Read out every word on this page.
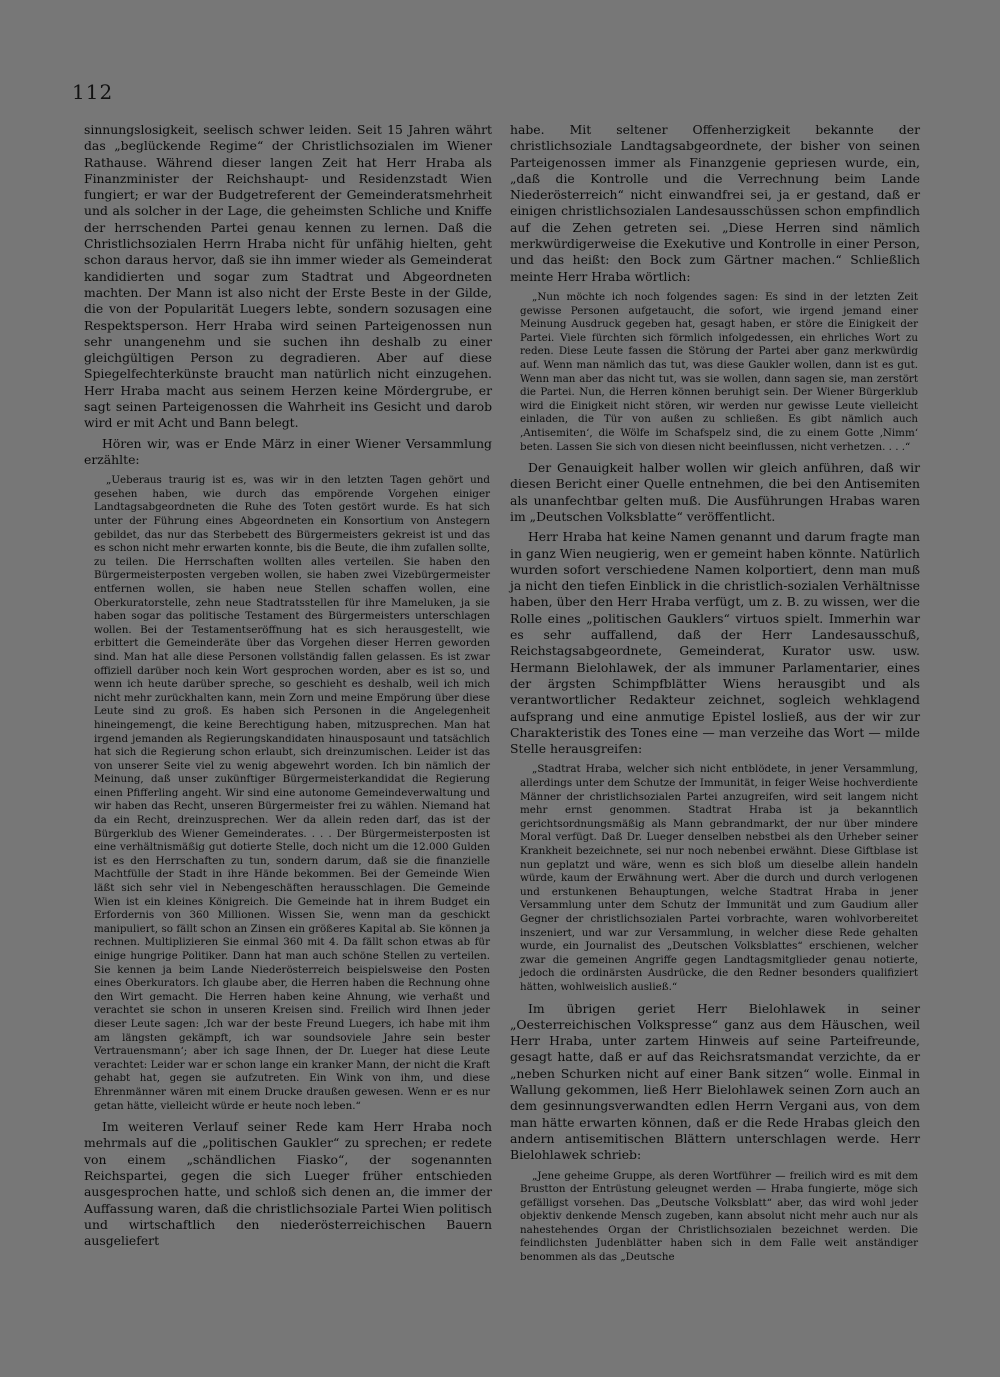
112

sinnungslosigkeit, seelisch schwer leiden. Seit 15 Jahren währt das „beglückende Regime“ der Christlichsozialen im Wiener Rathause. Während dieser langen Zeit hat Herr Hraba als Finanzminister der Reichshaupt- und Residenzstadt Wien fungiert; er war der Budgetreferent der Gemeinderatsmehrheit und als solcher in der Lage, die geheimsten Schliche und Kniffe der herrschenden Partei genau kennen zu lernen. Daß die Christlichsozialen Herrn Hraba nicht für unfähig hielten, geht schon daraus hervor, daß sie ihn immer wieder als Gemeinderat kandidierten und sogar zum Stadtrat und Abgeordneten machten. Der Mann ist also nicht der Erste Beste in der Gilde, die von der Popularität Luegers lebte, sondern sozusagen eine Respektsperson. Herr Hraba wird seinen Parteigenossen nun sehr unangenehm und sie suchen ihn deshalb zu einer gleichgültigen Person zu degradieren. Aber auf diese Spiegelfechterkünste braucht man natürlich nicht einzugehen. Herr Hraba macht aus seinem Herzen keine Mördergrube, er sagt seinen Parteigenossen die Wahrheit ins Gesicht und darob wird er mit Acht und Bann belegt.

Hören wir, was er Ende März in einer Wiener Versammlung erzählte:

„Ueberaus traurig ist es, was wir in den letzten Tagen gehört und gesehen haben, wie durch das empörende Vorgehen einiger Landtagsabgeordneten die Ruhe des Toten gestört wurde. Es hat sich unter der Führung eines Abgeordneten ein Konsortium von Anstegern gebildet, das nur das Sterbebett des Bürgermeisters gekreist ist und das es schon nicht mehr erwarten konnte, bis die Beute, die ihm zufallen sollte, zu teilen. Die Herrschaften wollten alles verteilen. Sie haben den Bürgermeisterposten vergeben wollen, sie haben zwei Vizebürgermeister entfernen wollen, sie haben neue Stellen schaffen wollen, eine Oberkuratorstelle, zehn neue Stadtratsstellen für ihre Mameluken, ja sie haben sogar das politische Testament des Bürgermeisters unterschlagen wollen. Bei der Testamentseröffnung hat es sich herausgestellt, wie erbittert die Gemeinderäte über das Vorgehen dieser Herren geworden sind. Man hat alle diese Personen vollständig fallen gelassen. Es ist zwar offiziell darüber noch kein Wort gesprochen worden, aber es ist so, und wenn ich heute darüber spreche, so geschieht es deshalb, weil ich mich nicht mehr zurückhalten kann, mein Zorn und meine Empörung über diese Leute sind zu groß. Es haben sich Personen in die Angelegenheit hineingemengt, die keine Berechtigung haben, mitzusprechen. Man hat irgend jemanden als Regierungskandidaten hinausposaunt und tatsächlich hat sich die Regierung schon erlaubt, sich dreinzumischen. Leider ist das von unserer Seite viel zu wenig abgewehrt worden. Ich bin nämlich der Meinung, daß unser zukünftiger Bürgermeisterkandidat die Regierung einen Pfifferling angeht. Wir sind eine autonome Gemeindeverwaltung und wir haben das Recht, unseren Bürgermeister frei zu wählen. Niemand hat da ein Recht, dreinzusprechen. Wer da allein reden darf, das ist der Bürgerklub des Wiener Gemeinderates. . . . Der Bürgermeisterposten ist eine verhältnismäßig gut dotierte Stelle, doch nicht um die 12.000 Gulden ist es den Herrschaften zu tun, sondern darum, daß sie die finanzielle Machtfülle der Stadt in ihre Hände bekommen. Bei der Gemeinde Wien läßt sich sehr viel in Nebengeschäften herausschlagen. Die Gemeinde Wien ist ein kleines Königreich. Die Gemeinde hat in ihrem Budget ein Erfordernis von 360 Millionen. Wissen Sie, wenn man da geschickt manipuliert, so fällt schon an Zinsen ein größeres Kapital ab. Sie können ja rechnen. Multiplizieren Sie einmal 360 mit 4. Da fällt schon etwas ab für einige hungrige Politiker. Dann hat man auch schöne Stellen zu verteilen. Sie kennen ja beim Lande Niederösterreich beispielsweise den Posten eines Oberkurators. Ich glaube aber, die Herren haben die Rechnung ohne den Wirt gemacht. Die Herren haben keine Ahnung, wie verhaßt und verachtet sie schon in unseren Kreisen sind. Freilich wird Ihnen jeder dieser Leute sagen: ‚Ich war der beste Freund Luegers, ich habe mit ihm am längsten gekämpft, ich war soundsoviele Jahre sein bester Vertrauensmann‘; aber ich sage Ihnen, der Dr. Lueger hat diese Leute verachtet: Leider war er schon lange ein kranker Mann, der nicht die Kraft gehabt hat, gegen sie aufzutreten. Ein Wink von ihm, und diese Ehrenmänner wären mit einem Drucke draußen gewesen. Wenn er es nur getan hätte, vielleicht würde er heute noch leben.“

Im weiteren Verlauf seiner Rede kam Herr Hraba noch mehrmals auf die „politischen Gaukler“ zu sprechen; er redete von einem „schändlichen Fiasko“, der sogenannten Reichspartei, gegen die sich Lueger früher entschieden ausgesprochen hatte, und schloß sich denen an, die immer der Auffassung waren, daß die christlichsoziale Partei Wien politisch und wirtschaftlich den niederösterreichischen Bauern ausgeliefert

habe. Mit seltener Offenherzigkeit bekannte der christlichsoziale Landtagsabgeordnete, der bisher von seinen Parteigenossen immer als Finanzgenie gepriesen wurde, ein, „daß die Kontrolle und die Verrechnung beim Lande Niederösterreich“ nicht einwandfrei sei, ja er gestand, daß er einigen christlichsozialen Landesausschüssen schon empfindlich auf die Zehen getreten sei. „Diese Herren sind nämlich merkwürdigerweise die Exekutive und Kontrolle in einer Person, und das heißt: den Bock zum Gärtner machen.“ Schließlich meinte Herr Hraba wörtlich:

„Nun möchte ich noch folgendes sagen: Es sind in der letzten Zeit gewisse Personen aufgetaucht, die sofort, wie irgend jemand einer Meinung Ausdruck gegeben hat, gesagt haben, er störe die Einigkeit der Partei. Viele fürchten sich förmlich infolgedessen, ein ehrliches Wort zu reden. Diese Leute fassen die Störung der Partei aber ganz merkwürdig auf. Wenn man nämlich das tut, was diese Gaukler wollen, dann ist es gut. Wenn man aber das nicht tut, was sie wollen, dann sagen sie, man zerstört die Partei. Nun, die Herren können beruhigt sein. Der Wiener Bürgerklub wird die Einigkeit nicht stören, wir werden nur gewisse Leute vielleicht einladen, die Tür von außen zu schließen. Es gibt nämlich auch ‚Antisemiten‘, die Wölfe im Schafspelz sind, die zu einem Gotte ‚Nimm‘ beten. Lassen Sie sich von diesen nicht beeinflussen, nicht verhetzen. . . .“

Der Genauigkeit halber wollen wir gleich anführen, daß wir diesen Bericht einer Quelle entnehmen, die bei den Antisemiten als unanfechtbar gelten muß. Die Ausführungen Hrabas waren im „Deutschen Volksblatte“ veröffentlicht.

Herr Hraba hat keine Namen genannt und darum fragte man in ganz Wien neugierig, wen er gemeint haben könnte. Natürlich wurden sofort verschiedene Namen kolportiert, denn man muß ja nicht den tiefen Einblick in die christlich-sozialen Verhältnisse haben, über den Herr Hraba verfügt, um z. B. zu wissen, wer die Rolle eines „politischen Gauklers“ virtuos spielt. Immerhin war es sehr auffallend, daß der Herr Landesausschuß, Reichstagsabgeordnete, Gemeinderat, Kurator usw. usw. Hermann Bielohlawek, der als immuner Parlamentarier, eines der ärgsten Schimpfblätter Wiens herausgibt und als verantwortlicher Redakteur zeichnet, sogleich wehklagend aufsprang und eine anmutige Epistel losließ, aus der wir zur Charakteristik des Tones eine — man verzeihe das Wort — milde Stelle herausgreifen:

„Stadtrat Hraba, welcher sich nicht entblödete, in jener Versammlung, allerdings unter dem Schutze der Immunität, in feiger Weise hochverdiente Männer der christlichsozialen Partei anzugreifen, wird seit langem nicht mehr ernst genommen. Stadtrat Hraba ist ja bekanntlich gerichtsordnungsmäßig als Mann gebrandmarkt, der nur über mindere Moral verfügt. Daß Dr. Lueger denselben nebstbei als den Urheber seiner Krankheit bezeichnete, sei nur noch nebenbei erwähnt. Diese Giftblase ist nun geplatzt und wäre, wenn es sich bloß um dieselbe allein handeln würde, kaum der Erwähnung wert. Aber die durch und durch verlogenen und erstunkenen Behauptungen, welche Stadtrat Hraba in jener Versammlung unter dem Schutz der Immunität und zum Gaudium aller Gegner der christlichsozialen Partei vorbrachte, waren wohlvorbereitet inszeniert, und war zur Versammlung, in welcher diese Rede gehalten wurde, ein Journalist des „Deutschen Volksblattes“ erschienen, welcher zwar die gemeinen Angriffe gegen Landtagsmitglieder genau notierte, jedoch die ordinärsten Ausdrücke, die den Redner besonders qualifiziert hätten, wohlweislich ausließ.“

Im übrigen geriet Herr Bielohlawek in seiner „Oesterreichischen Volkspresse“ ganz aus dem Häuschen, weil Herr Hraba, unter zartem Hinweis auf seine Parteifreunde, gesagt hatte, daß er auf das Reichsratsmandat verzichte, da er „neben Schurken nicht auf einer Bank sitzen“ wolle. Einmal in Wallung gekommen, ließ Herr Bielohlawek seinen Zorn auch an dem gesinnungsverwandten edlen Herrn Vergani aus, von dem man hätte erwarten können, daß er die Rede Hrabas gleich den andern antisemitischen Blättern unterschlagen werde. Herr Bielohlawek schrieb:

„Jene geheime Gruppe, als deren Wortführer — freilich wird es mit dem Brustton der Entrüstung geleugnet werden — Hraba fungierte, möge sich gefälligst vorsehen. Das „Deutsche Volksblatt“ aber, das wird wohl jeder objektiv denkende Mensch zugeben, kann absolut nicht mehr auch nur als nahestehendes Organ der Christlichsozialen bezeichnet werden. Die feindlichsten Judenblätter haben sich in dem Falle weit anständiger benommen als das „Deutsche
